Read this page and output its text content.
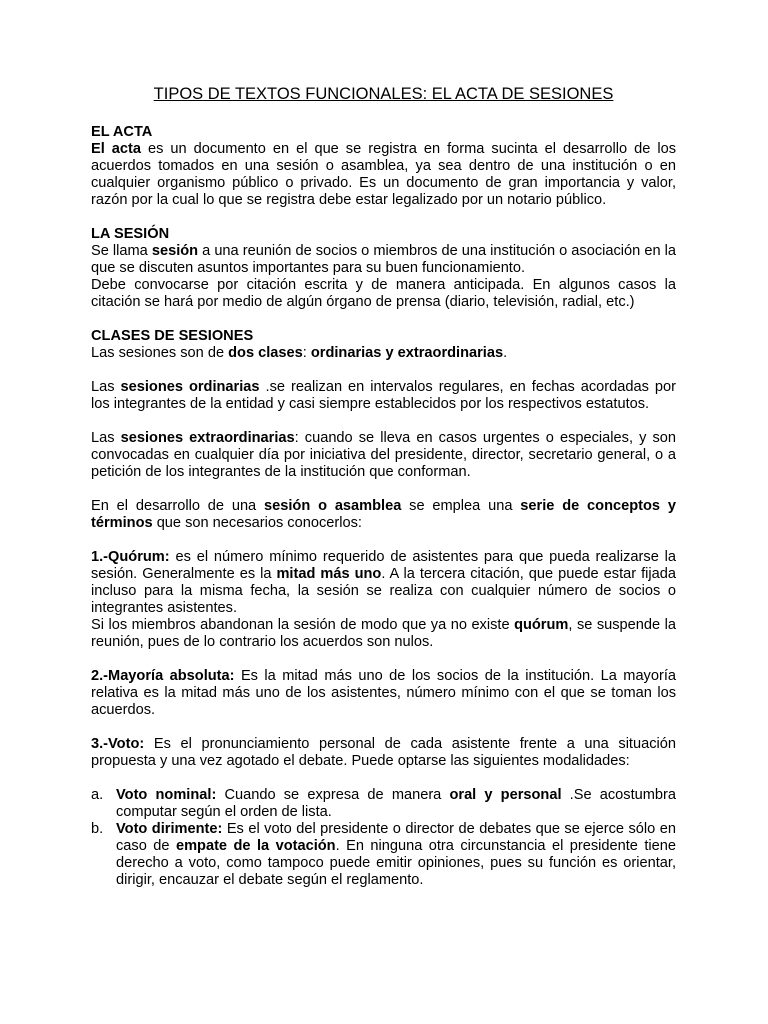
TIPOS DE TEXTOS FUNCIONALES: EL ACTA DE SESIONES
EL ACTA

El acta es un documento en el que se registra en forma sucinta el desarrollo de los acuerdos tomados en una sesión o asamblea, ya sea dentro de una institución o en cualquier organismo público o privado. Es un documento de gran importancia y valor, razón por la cual lo que se registra debe estar legalizado por un notario público.

LA SESIÓN

Se llama sesión a una reunión de socios o miembros de una institución o asociación en la que se discuten asuntos importantes para su buen funcionamiento.

Debe convocarse por citación escrita y de manera anticipada. En algunos casos la citación se hará por medio de algún órgano de prensa (diario, televisión, radial, etc.)

CLASES DE SESIONES

Las sesiones son de dos clases: ordinarias y extraordinarias.

Las sesiones ordinarias .se realizan en intervalos regulares, en fechas acordadas por los integrantes de la entidad y casi siempre establecidos por los respectivos estatutos.

Las sesiones extraordinarias: cuando se lleva en casos urgentes o especiales, y son convocadas en cualquier día por iniciativa del presidente, director, secretario general, o a petición de los integrantes de la institución que conforman.

En el desarrollo de una sesión o asamblea se emplea una serie de conceptos y términos que son necesarios conocerlos:

1.-Quórum: es el número mínimo requerido de asistentes para que pueda realizarse la sesión. Generalmente es la mitad más uno. A la tercera citación, que puede estar fijada incluso para la misma fecha, la sesión se realiza con cualquier número de socios o integrantes asistentes.

Si los miembros abandonan la sesión de modo que ya no existe quórum, se suspende la reunión, pues de lo contrario los acuerdos son nulos.

2.-Mayoría absoluta: Es la mitad más uno de los socios de la institución. La mayoría relativa es la mitad más uno de los asistentes, número mínimo con el que se toman los acuerdos.

3.-Voto: Es el pronunciamiento personal de cada asistente frente a una situación propuesta y una vez agotado el debate. Puede optarse las siguientes modalidades:

a. Voto nominal: Cuando se expresa de manera oral y personal .Se acostumbra computar según el orden de lista.
b. Voto dirimente: Es el voto del presidente o director de debates que se ejerce sólo en caso de empate de la votación. En ninguna otra circunstancia el presidente tiene derecho a voto, como tampoco puede emitir opiniones, pues su función es orientar, dirigir, encauzar el debate según el reglamento.
